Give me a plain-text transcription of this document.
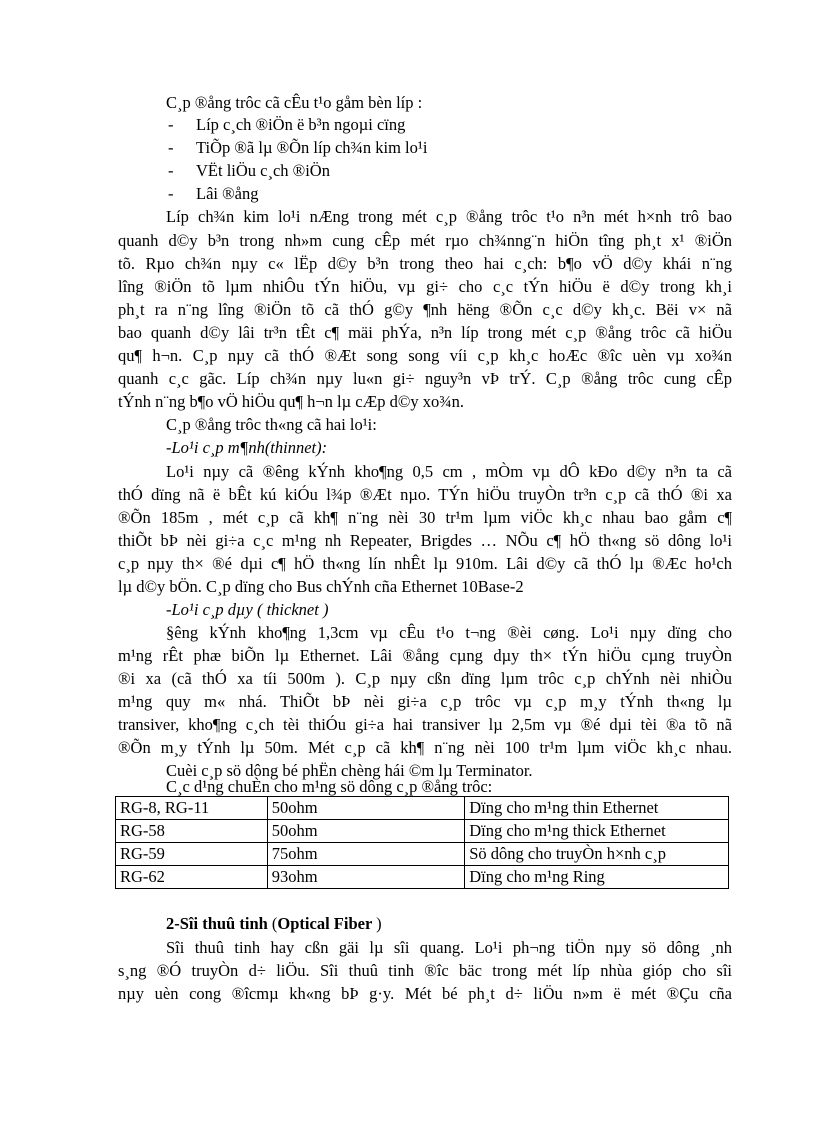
C¸p ®ång trôc cã cÊu t¹o gåm bèn líp :
- Líp c¸ch ®iÖn ë b³n ngoµi cïng
- TiÕp ®ã lµ ®Õn líp ch¾n kim lo¹i
- VËt liÖu c¸ch ®iÖn
- Lâi ®ång
Líp ch¾n kim lo¹i nÆng trong mét c¸p ®ång trôc t¹o n³n mét h×nh trô bao
quanh d©y b³n trong nh»m cung cÊp mét rµo ch¾nng¨n hiÖn tîng ph¸t x¹ ®iÖn
tõ. Rµo ch¾n nµy c« lËp d©y b³n trong theo hai c¸ch: b¶o vÖ d©y khái n¨ng
lîng ®iÖn tõ lµm nhiÔu tÝn hiÖu, vµ gi÷ cho c¸c tÝn hiÖu ë d©y trong kh¸i
ph¸t ra n¨ng lîng ®iÖn tõ cã thÓ g©y ¶nh hëng ®Õn c¸c d©y kh¸c. Bëi v× nã
bao quanh d©y lâi tr³n tÊt c¶ mäi phÝa, n³n líp trong mét c¸p ®ång trôc cã hiÖu
qu¶ h¬n. C¸p nµy cã thÓ ®Æt song song víi c¸p kh¸c hoÆc ®îc uèn vµ xo¾n
quanh c¸c gãc. Líp ch¾n nµy lu«n gi÷ nguy³n vÞ trÝ. C¸p ®ång trôc cung cÊp
tÝnh n¨ng b¶o vÖ hiÖu qu¶ h¬n lµ cÆp d©y xo¾n.
C¸p ®ång trôc th«ng cã hai lo¹i:
-Lo¹i c¸p m¶nh(thinnet):
Lo¹i nµy cã ®êng kÝnh kho¶ng 0,5 cm , mÒm vµ dÔ kÐo d©y n³n ta cã
thÓ dïng nã ë bÊt kú kiÓu l¾p ®Æt nµo. TÝn hiÖu truyÒn tr³n c¸p cã thÓ ®i xa
®Õn 185m , mét c¸p cã kh¶ n¨ng nèi 30 tr¹m lµm viÖc kh¸c nhau bao gåm c¶
thiÕt bÞ nèi gi÷a c¸c m¹ng nh Repeater, Brigdes … NÕu c¶ hÖ th«ng sö dông lo¹i
c¸p nµy th× ®é dµi c¶ hÖ th«ng lín nhÊt lµ 910m. Lâi d©y cã thÓ lµ ®Æc ho¹ch
lµ d©y bÖn. C¸p dïng cho Bus chÝnh cña Ethernet 10Base-2
-Lo¹i c¸p dµy ( thicknet )
§êng kÝnh kho¶ng 1,3cm vµ cÊu t¹o t¬ng ®èi cøng. Lo¹i nµy dïng cho
m¹ng rÊt phæ biÕn lµ Ethernet. Lâi ®ång cµng dµy th× tÝn hiÖu cµng truyÒn
®i xa (cã thÓ xa tíi 500m ). C¸p nµy cßn dïng lµm trôc c¸p chÝnh nèi nhiÒu
m¹ng quy m« nhá. ThiÕt bÞ nèi gi÷a c¸p trôc vµ c¸p m¸y tÝnh th«ng lµ
transiver, kho¶ng c¸ch tèi thiÓu gi÷a hai transiver lµ 2,5m vµ ®é dµi tèi ®a tõ nã
®Õn m¸y tÝnh lµ 50m. Mét c¸p cã kh¶ n¨ng nèi 100 tr¹m lµm viÖc kh¸c nhau.
Cuèi c¸p sö dông bé phËn chèng hái ©m lµ Terminator.
C¸c d¹ng chuÈn cho m¹ng sö dông c¸p ®ång trôc:
RG-8, RG-11	50ohm	Dïng cho m¹ng thin Ethernet
RG-58	50ohm	Dïng cho m¹ng thick Ethernet
RG-59	75ohm	Sö dông cho truyÒn h×nh c¸p
RG-62	93ohm	Dïng cho m¹ng Ring
2-Sîi thuû tinh (Optical Fiber )
Sîi thuû tinh hay cßn gäi lµ sîi quang. Lo¹i ph¬ng tiÖn nµy sö dông ¸nh
s¸ng ®Ó truyÒn d÷ liÖu. Sîi thuû tinh ®îc bäc trong mét líp nhùa gióp cho sîi
nµy uèn cong ®îcmµ kh«ng bÞ g·y. Mét bé ph¸t d÷ liÖu n»m ë mét ®Çu cña
